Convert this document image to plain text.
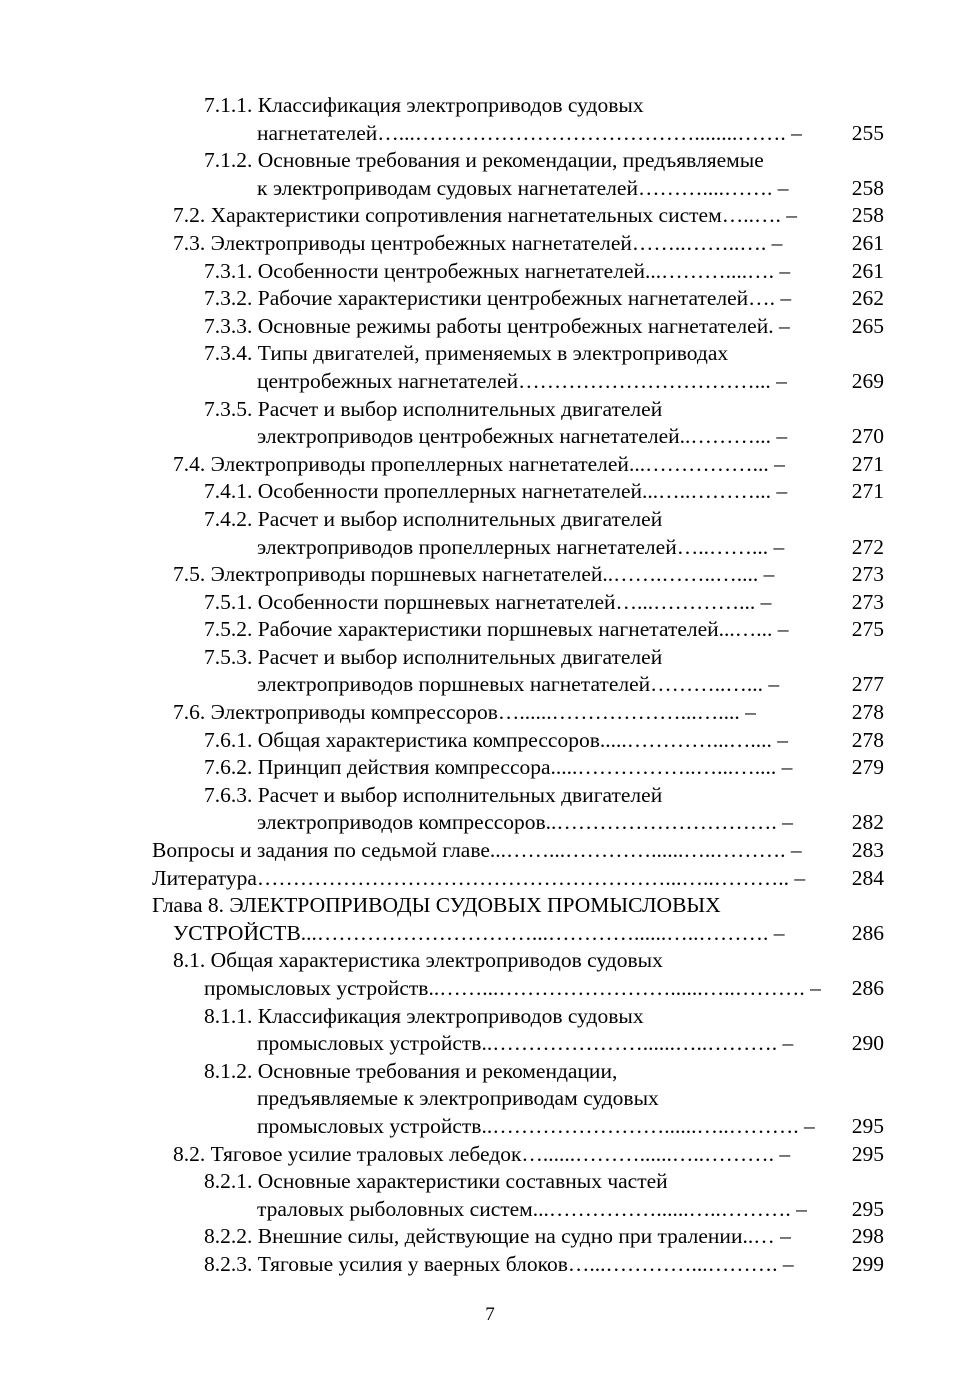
7.1.1. Классификация электроприводов судовых
нагнетателей…...…………………………………........……. – 255
7.1.2. Основные требования и рекомендации, предъявляемые
к электроприводам судовых нагнетателей………....……. –	258
7.2. Характеристики сопротивления нагнетательных систем…..…. –	258
7.3. Электроприводы центробежных нагнетателей……..……..…. –	261
7.3.1. Особенности центробежных нагнетателей...………....…. –	261
7.3.2. Рабочие характеристики центробежных нагнетателей…. –	262
7.3.3. Основные режимы работы центробежных нагнетателей. –	265
7.3.4. Типы двигателей, применяемых в электроприводах
центробежных нагнетателей……………………………... –	269
7.3.5. Расчет и выбор исполнительных двигателей
электроприводов центробежных нагнетателей..………... –	270
7.4. Электроприводы пропеллерных нагнетателей...……………... –	271
7.4.1. Особенности пропеллерных нагнетателей...…..………... –	271
7.4.2. Расчет и выбор исполнительных двигателей
электроприводов пропеллерных нагнетателей…..……... –	272
7.5. Электроприводы поршневых нагнетателей..…….……..….... –	273
7.5.1. Особенности поршневых нагнетателей…...…………... –	273
7.5.2. Рабочие характеристики поршневых нагнетателей...…... –	275
7.5.3. Расчет и выбор исполнительных двигателей
электроприводов поршневых нагнетателей………..…... –	277
7.6. Электроприводы компрессоров…......………………...….... –	278
7.6.1. Общая характеристика компрессоров.....…………...….... –	278
7.6.2. Принцип действия компрессора.....……………..…...….... –	279
7.6.3. Расчет и выбор исполнительных двигателей
электроприводов компрессоров..…………………………. –	282
Вопросы и задания по седьмой главе...……...…………......…..………. – 283
Литература…………………………………………………...…..……….. – 284
Глава 8. ЭЛЕКТРОПРИВОДЫ СУДОВЫХ ПРОМЫСЛОВЫХ
УСТРОЙСТВ...…………………………...…………......…..………. –	286
8.1. Общая характеристика электроприводов судовых
промысловых устройств..……...……………………......…..………. – 286
8.1.1. Классификация электроприводов судовых
промысловых устройств..…………………......…..………. –	290
8.1.2. Основные требования и рекомендации,
предъявляемые к электроприводам судовых
промысловых устройств..……………………......…..………. – 295
8.2. Тяговое усилие траловых лебедок…......………......…..………. –	295
8.2.1. Основные характеристики составных частей
траловых рыболовных систем...……………......…..………. – 295
8.2.2. Внешние силы, действующие на судно при тралении..… –	298
8.2.3. Тяговые усилия у ваерных блоков…...…………...………. –	299
7
